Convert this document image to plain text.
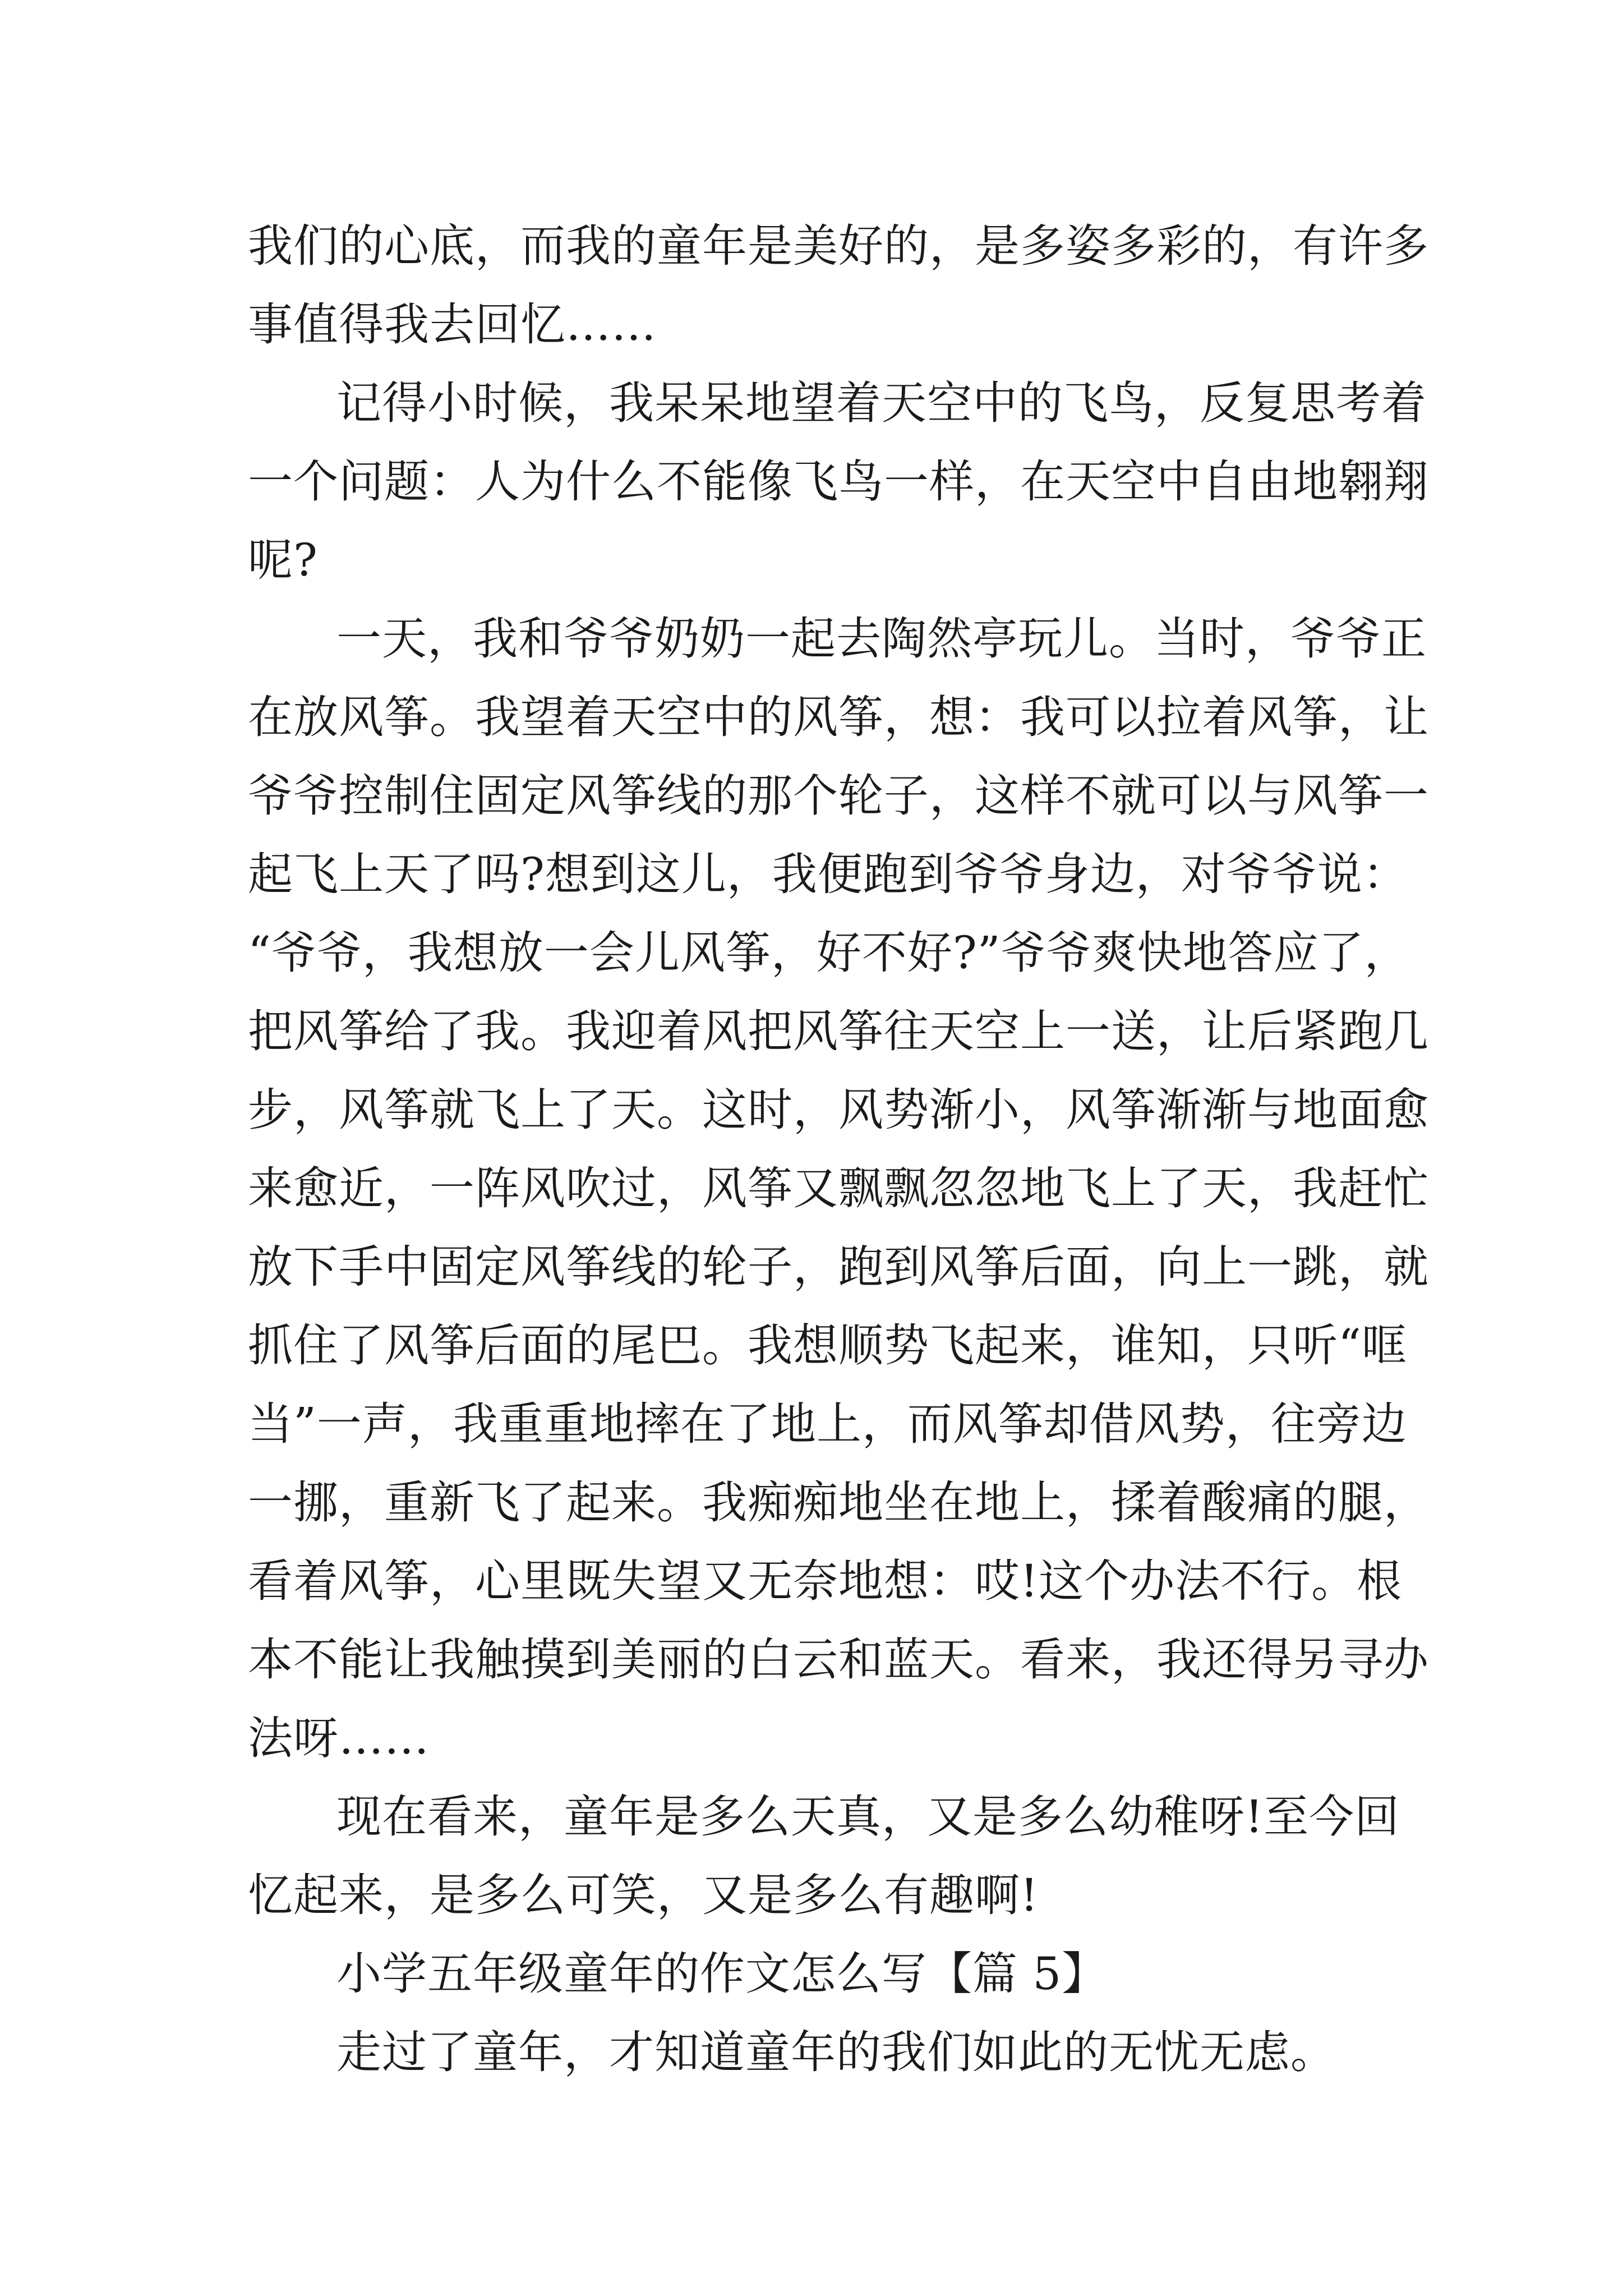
我们的心底，而我的童年是美好的，是多姿多彩的，有许多
事值得我去回忆……
记得小时候，我呆呆地望着天空中的飞鸟，反复思考着
一个问题：人为什么不能像飞鸟一样，在天空中自由地翱翔
呢?
一天，我和爷爷奶奶一起去陶然亭玩儿。当时，爷爷正
在放风筝。我望着天空中的风筝，想：我可以拉着风筝，让
爷爷控制住固定风筝线的那个轮子，这样不就可以与风筝一
起飞上天了吗?想到这儿，我便跑到爷爷身边，对爷爷说：
“爷爷，我想放一会儿风筝，好不好?”爷爷爽快地答应了，
把风筝给了我。我迎着风把风筝往天空上一送，让后紧跑几
步，风筝就飞上了天。这时，风势渐小，风筝渐渐与地面愈
来愈近，一阵风吹过，风筝又飘飘忽忽地飞上了天，我赶忙
放下手中固定风筝线的轮子，跑到风筝后面，向上一跳，就
抓住了风筝后面的尾巴。我想顺势飞起来，谁知，只听“哐
当”一声，我重重地摔在了地上，而风筝却借风势，往旁边
一挪，重新飞了起来。我痴痴地坐在地上，揉着酸痛的腿，
看着风筝，心里既失望又无奈地想：哎!这个办法不行。根
本不能让我触摸到美丽的白云和蓝天。看来，我还得另寻办
法呀……
现在看来，童年是多么天真，又是多么幼稚呀!至今回
忆起来，是多么可笑，又是多么有趣啊!
小学五年级童年的作文怎么写【篇 5】
走过了童年，才知道童年的我们如此的无忧无虑。
